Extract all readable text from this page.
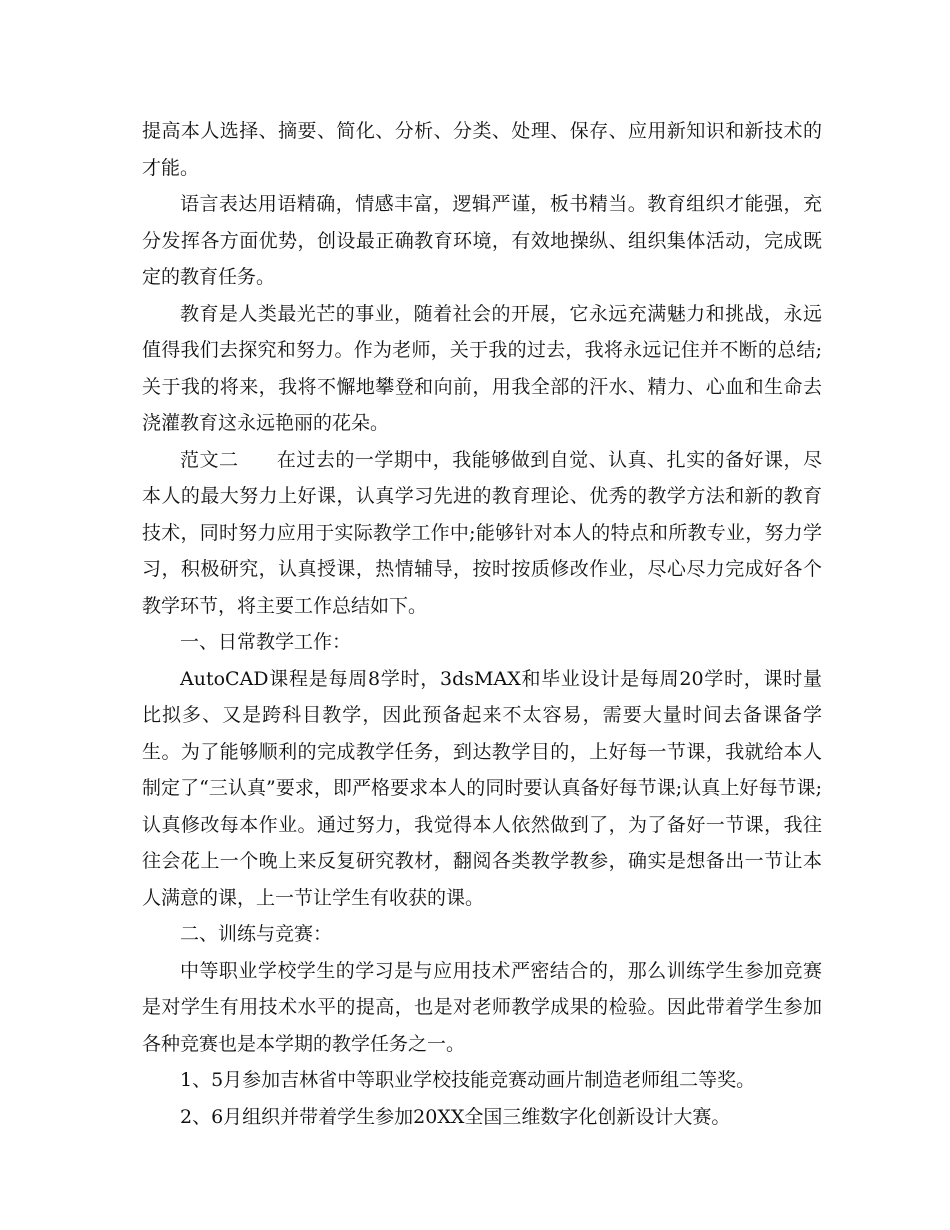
提高本人选择、摘要、简化、分析、分类、处理、保存、应用新知识和新技术的才能。

语言表达用语精确，情感丰富，逻辑严谨，板书精当。教育组织才能强，充分发挥各方面优势，创设最正确教育环境，有效地操纵、组织集体活动，完成既定的教育任务。

教育是人类最光芒的事业，随着社会的开展，它永远充满魅力和挑战，永远值得我们去探究和努力。作为老师，关于我的过去，我将永远记住并不断的总结;关于我的将来，我将不懈地攀登和向前，用我全部的汗水、精力、心血和生命去浇灌教育这永远艳丽的花朵。

范文二 在过去的一学期中，我能够做到自觉、认真、扎实的备好课，尽本人的最大努力上好课，认真学习先进的教育理论、优秀的教学方法和新的教育技术，同时努力应用于实际教学工作中;能够针对本人的特点和所教专业，努力学习，积极研究，认真授课，热情辅导，按时按质修改作业，尽心尽力完成好各个教学环节，将主要工作总结如下。

一、日常教学工作：

AutoCAD课程是每周8学时，3dsMAX和毕业设计是每周20学时，课时量比拟多、又是跨科目教学，因此预备起来不太容易，需要大量时间去备课备学生。为了能够顺利的完成教学任务，到达教学目的，上好每一节课，我就给本人制定了“三认真”要求，即严格要求本人的同时要认真备好每节课;认真上好每节课;认真修改每本作业。通过努力，我觉得本人依然做到了，为了备好一节课，我往往会花上一个晚上来反复研究教材，翻阅各类教学教参，确实是想备出一节让本人满意的课，上一节让学生有收获的课。

二、训练与竞赛：

中等职业学校学生的学习是与应用技术严密结合的，那么训练学生参加竞赛是对学生有用技术水平的提高，也是对老师教学成果的检验。因此带着学生参加各种竞赛也是本学期的教学任务之一。

1、5月参加吉林省中等职业学校技能竞赛动画片制造老师组二等奖。

2、6月组织并带着学生参加20XX全国三维数字化创新设计大赛。
